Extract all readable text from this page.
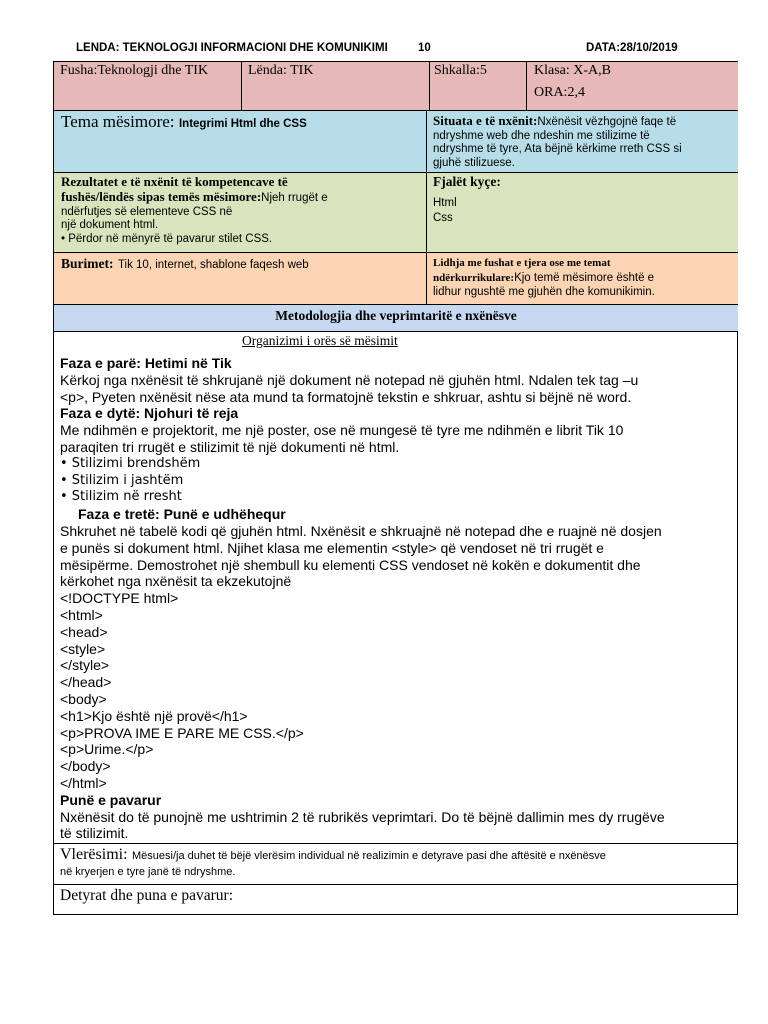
LENDA: TEKNOLOGJI INFORMACIONI DHE KOMUNIKIMI	10	DATA:28/10/2019
Fusha:Teknologji dhe TIK	Lënda: TIK	Shkalla:5	Klasa: X-A,B
ORA:2,4
Tema mësimore: Integrimi Html dhe CSS	Situata e të nxënit:Nxënësit vëzhgojnë faqe të
ndryshme web dhe ndeshin me stilizime të
ndryshme të tyre, Ata bëjnë kërkime rreth CSS si
gjuhë stilizuese.
Rezultatet e të nxënit të kompetencave të
fushës/lëndës sipas temës mësimore:Njeh rrugët e
ndërfutjes së elementeve CSS në
një dokument html.
• Përdor në mënyrë të pavarur stilet CSS.
Fjalët kyçe:
Html
Css
Burimet: Tik 10, internet, shablone faqesh web	Lidhja me fushat e tjera ose me temat
ndërkurrikulare:Kjo temë mësimore është e
lidhur ngushtë me gjuhën dhe komunikimin.
Metodologjia dhe veprimtaritë e nxënësve
Organizimi i orës së mësimit
Faza e parë: Hetimi në Tik
Kërkoj nga nxënësit të shkrujanë një dokument në notepad në gjuhën html. Ndalen tek tag –u
<p>, Pyeten nxënësit nëse ata mund ta formatojnë tekstin e shkruar, ashtu si bëjnë në word.
Faza e dytë: Njohuri të reja
Me ndihmën e projektorit, me një poster, ose në mungesë të tyre me ndihmën e librit Tik 10
paraqiten tri rrugët e stilizimit të një dokumenti në html.
• Stilizimi brendshëm
• Stilizim i jashtëm
• Stilizim në rresht
Faza e tretë: Punë e udhëhequr
Shkruhet në tabelë kodi që gjuhën html. Nxënësit e shkruajnë në notepad dhe e ruajnë në dosjen
e punës si dokument html. Njihet klasa me elementin <style> që vendoset në tri rrugët e
mësipërme. Demostrohet një shembull ku elementi CSS vendoset në kokën e dokumentit dhe
kërkohet nga nxënësit ta ekzekutojnë
<!DOCTYPE html>
<html>
<head>
<style>
</style>
</head>
<body>
<h1>Kjo është një provë</h1>
<p>PROVA IME E PARE ME CSS.</p>
<p>Urime.</p>
</body>
</html>
Punë e pavarur
Nxënësit do të punojnë me ushtrimin 2 të rubrikës veprimtari. Do të bëjnë dallimin mes dy rrugëve
të stilizimit.
Vlerësimi: Mësuesi/ja duhet të bëjë vlerësim individual në realizimin e detyrave pasi dhe aftësitë e nxënësve
në kryerjen e tyre janë të ndryshme.
Detyrat dhe puna e pavarur:
